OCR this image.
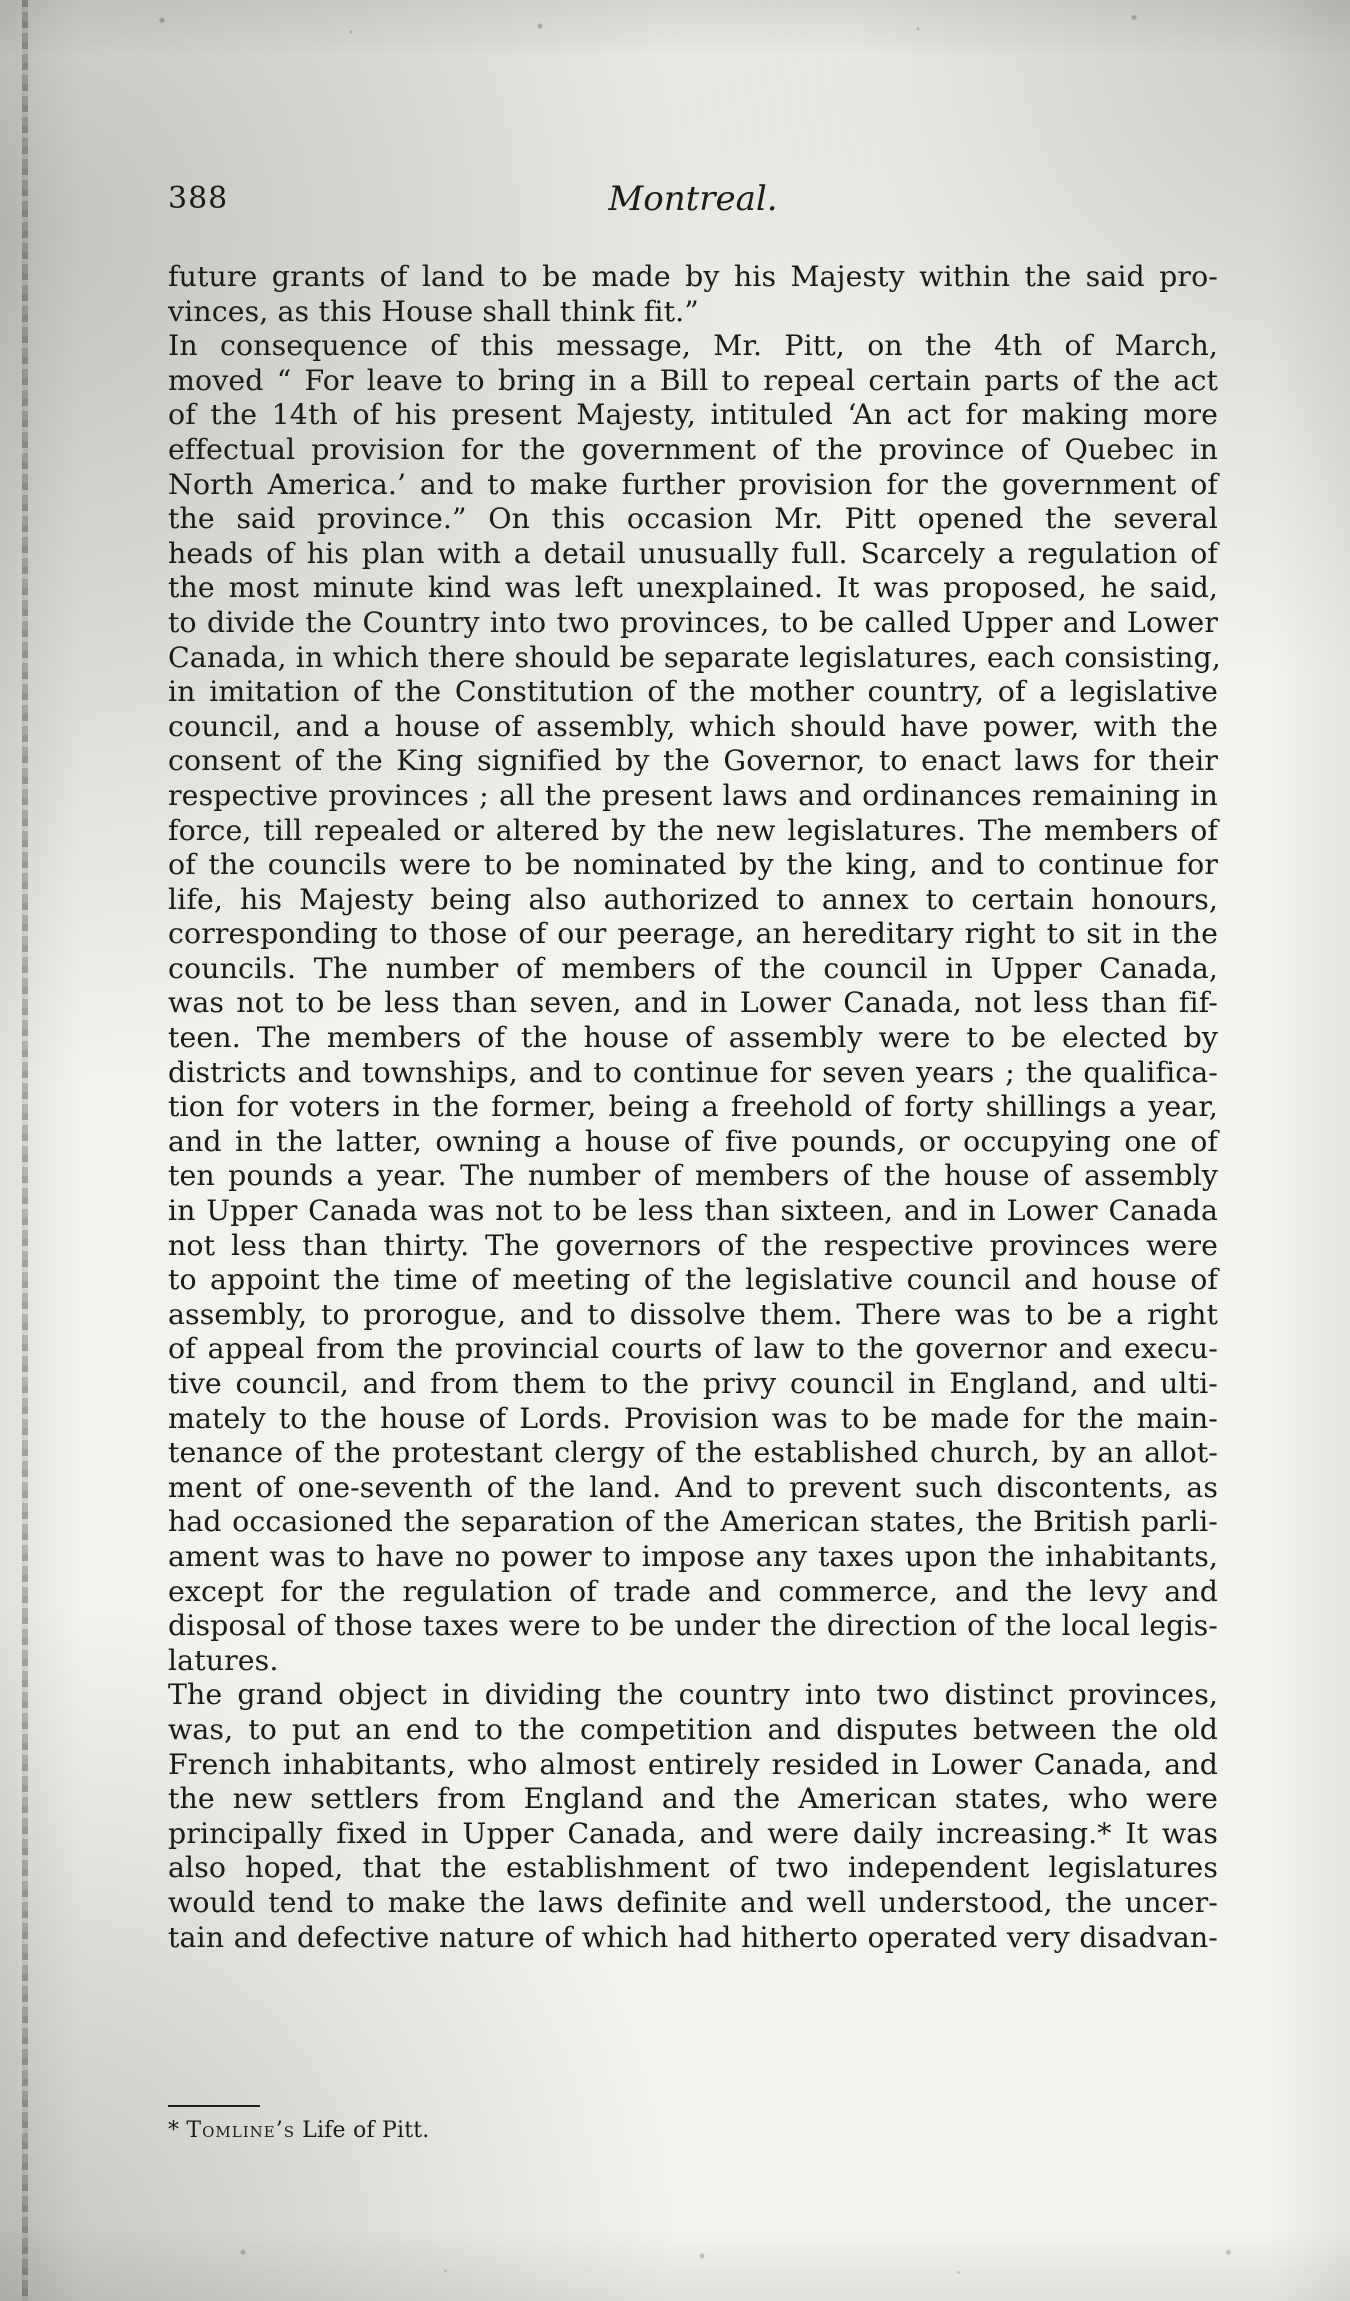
388	Montreal.
future grants of land to be made by his Majesty within the said pro-
vinces, as this House shall think fit.”
In consequence of this message, Mr. Pitt, on the 4th of March,
moved “ For leave to bring in a Bill to repeal certain parts of the act
of the 14th of his present Majesty, intituled ‘An act for making more
effectual provision for the government of the province of Quebec in
North America.’ and to make further provision for the government of
the said province.” On this occasion Mr. Pitt opened the several
heads of his plan with a detail unusually full. Scarcely a regulation of
the most minute kind was left unexplained. It was proposed, he said,
to divide the Country into two provinces, to be called Upper and Lower
Canada, in which there should be separate legislatures, each consisting,
in imitation of the Constitution of the mother country, of a legislative
council, and a house of assembly, which should have power, with the
consent of the King signified by the Governor, to enact laws for their
respective provinces ; all the present laws and ordinances remaining in
force, till repealed or altered by the new legislatures. The members of
of the councils were to be nominated by the king, and to continue for
life, his Majesty being also authorized to annex to certain honours,
corresponding to those of our peerage, an hereditary right to sit in the
councils. The number of members of the council in Upper Canada,
was not to be less than seven, and in Lower Canada, not less than fif-
teen. The members of the house of assembly were to be elected by
districts and townships, and to continue for seven years ; the qualifica-
tion for voters in the former, being a freehold of forty shillings a year,
and in the latter, owning a house of five pounds, or occupying one of
ten pounds a year. The number of members of the house of assembly
in Upper Canada was not to be less than sixteen, and in Lower Canada
not less than thirty. The governors of the respective provinces were
to appoint the time of meeting of the legislative council and house of
assembly, to prorogue, and to dissolve them. There was to be a right
of appeal from the provincial courts of law to the governor and execu-
tive council, and from them to the privy council in England, and ulti-
mately to the house of Lords. Provision was to be made for the main-
tenance of the protestant clergy of the established church, by an allot-
ment of one-seventh of the land. And to prevent such discontents, as
had occasioned the separation of the American states, the British parli-
ament was to have no power to impose any taxes upon the inhabitants,
except for the regulation of trade and commerce, and the levy and
disposal of those taxes were to be under the direction of the local legis-
latures.
The grand object in dividing the country into two distinct provinces,
was, to put an end to the competition and disputes between the old
French inhabitants, who almost entirely resided in Lower Canada, and
the new settlers from England and the American states, who were
principally fixed in Upper Canada, and were daily increasing.* It was
also hoped, that the establishment of two independent legislatures
would tend to make the laws definite and well understood, the uncer-
tain and defective nature of which had hitherto operated very disadvan-
* Tomline’s Life of Pitt.
